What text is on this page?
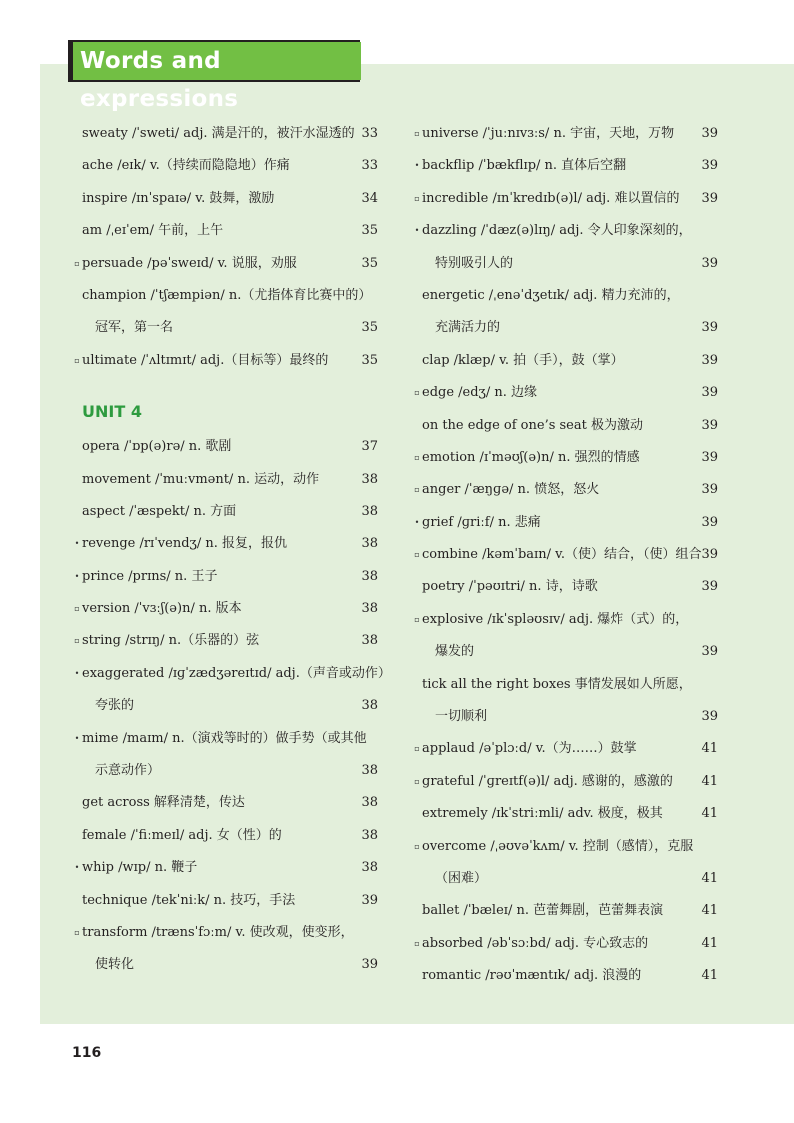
Words and expressions
sweaty /ˈsweti/ adj. 满是汗的，被汗水湿透的 33
ache /eɪk/ v.（持续而隐隐地）作痛	33
inspire /ɪnˈspaɪə/ v. 鼓舞，激励	34
am /ˌeɪˈem/ 午前，上午	35
▫ persuade /pəˈsweɪd/ v. 说服，劝服	35
champion /ˈtʃæmpiən/ n.（尤指体育比赛中的）
冠军，第一名	35
▫ ultimate /ˈʌltɪmɪt/ adj.（目标等）最终的	35
UNIT 4
opera /ˈɒp(ə)rə/ n. 歌剧	37
movement /ˈmuːvmənt/ n. 运动，动作	38
aspect /ˈæspekt/ n. 方面	38
• revenge /rɪˈvendʒ/ n. 报复，报仇	38
• prince /prɪns/ n. 王子	38
▫ version /ˈvɜːʃ(ə)n/ n. 版本	38
▫ string /strɪŋ/ n.（乐器的）弦	38
• exaggerated /ɪɡˈzædʒəreɪtɪd/ adj.（声音或动作）
夸张的	38
• mime /maɪm/ n.（演戏等时的）做手势（或其他
示意动作）	38
get across 解释清楚，传达	38
female /ˈfiːmeɪl/ adj. 女（性）的	38
• whip /wɪp/ n. 鞭子	38
technique /tekˈniːk/ n. 技巧，手法	39
▫ transform /trænsˈfɔːm/ v. 使改观，使变形，
使转化	39
▫ universe /ˈjuːnɪvɜːs/ n. 宇宙，天地，万物 39
• backflip /ˈbækflɪp/ n. 直体后空翻	39
▫ incredible /ɪnˈkredɪb(ə)l/ adj. 难以置信的 39
• dazzling /ˈdæz(ə)lɪŋ/ adj. 令人印象深刻的，
特别吸引人的	39
energetic /ˌenəˈdʒetɪk/ adj. 精力充沛的，
充满活力的	39
clap /klæp/ v. 拍（手），鼓（掌）	39
▫ edge /edʒ/ n. 边缘	39
on the edge of one’s seat 极为激动	39
▫ emotion /ɪˈməʊʃ(ə)n/ n. 强烈的情感	39
▫ anger /ˈæŋɡə/ n. 愤怒，怒火	39
• grief /ɡriːf/ n. 悲痛	39
▫ combine /kəmˈbaɪn/ v.（使）结合，（使）组合 39
poetry /ˈpəʊɪtri/ n. 诗，诗歌	39
▫ explosive /ɪkˈspləʊsɪv/ adj. 爆炸（式）的，
爆发的	39
tick all the right boxes 事情发展如人所愿，
一切顺利	39
▫ applaud /əˈplɔːd/ v.（为……）鼓掌	41
▫ grateful /ˈɡreɪtf(ə)l/ adj. 感谢的，感激的 41
extremely /ɪkˈstriːmli/ adv. 极度，极其	41
▫ overcome /ˌəʊvəˈkʌm/ v. 控制（感情），克服
（困难）	41
ballet /ˈbæleɪ/ n. 芭蕾舞剧，芭蕾舞表演	41
▫ absorbed /əbˈsɔːbd/ adj. 专心致志的	41
romantic /rəʊˈmæntɪk/ adj. 浪漫的	41
116
